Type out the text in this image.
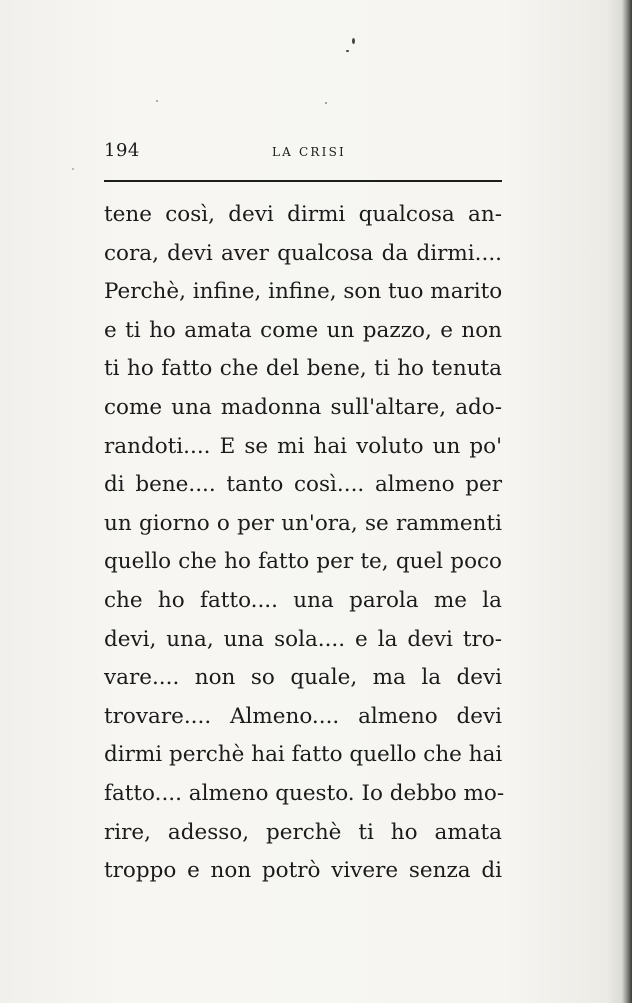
194	LA CRISI
tene così, devi dirmi qualcosa an-
cora, devi aver qualcosa da dirmi....
Perchè, infine, infine, son tuo marito
e ti ho amata come un pazzo, e non
ti ho fatto che del bene, ti ho tenuta
come una madonna sull'altare, ado-
randoti.... E se mi hai voluto un po'
di bene.... tanto così.... almeno per
un giorno o per un'ora, se rammenti
quello che ho fatto per te, quel poco
che ho fatto.... una parola me la
devi, una, una sola.... e la devi tro-
vare.... non so quale, ma la devi
trovare.... Almeno.... almeno devi
dirmi perchè hai fatto quello che hai
fatto.... almeno questo. Io debbo mo-
rire, adesso, perchè ti ho amata
troppo e non potrò vivere senza di
